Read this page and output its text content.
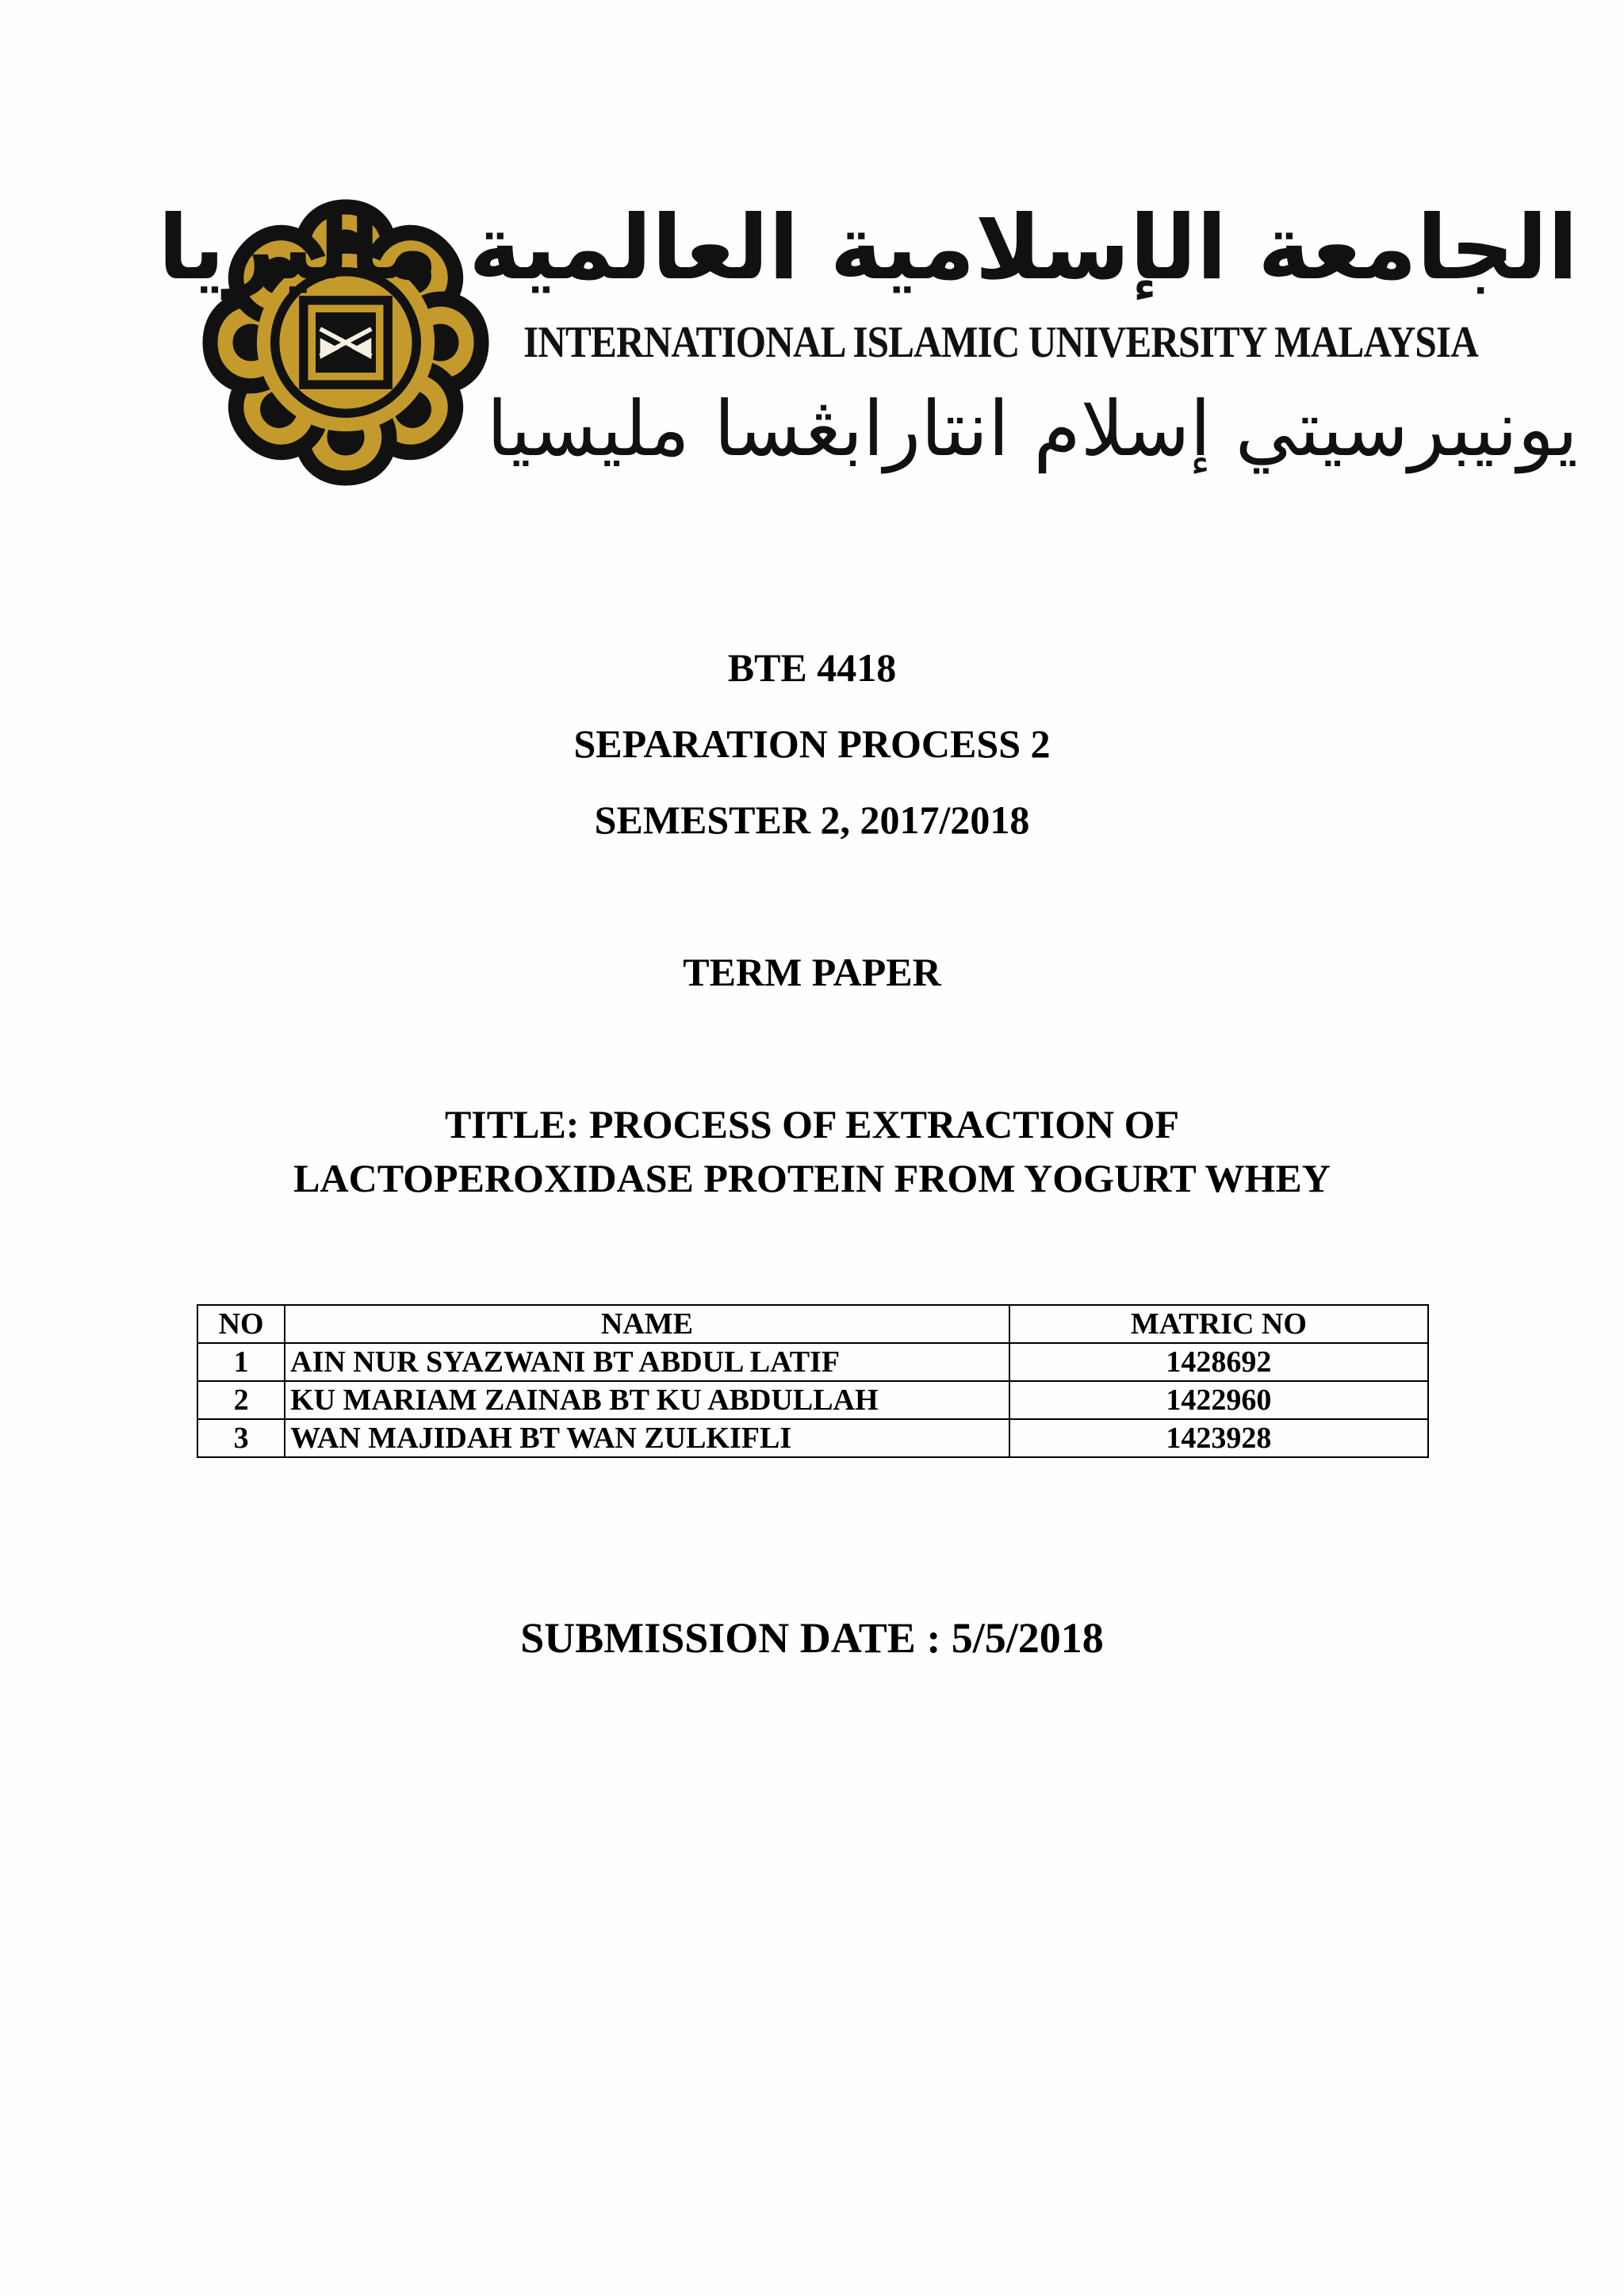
الجامعة الإسلامية العالمية ماليزيا
INTERNATIONAL ISLAMIC UNIVERSITY MALAYSIA
يونيبرسيتي إسلام انتارابڠسا مليسيا
BTE 4418
SEPARATION PROCESS 2
SEMESTER 2, 2017/2018
TERM PAPER
TITLE: PROCESS OF EXTRACTION OF
LACTOPEROXIDASE PROTEIN FROM YOGURT WHEY
NO	NAME	MATRIC NO
1	AIN NUR SYAZWANI BT ABDUL LATIF	1428692
2	KU MARIAM ZAINAB BT KU ABDULLAH	1422960
3	WAN MAJIDAH BT WAN ZULKIFLI	1423928
SUBMISSION DATE : 5/5/2018
